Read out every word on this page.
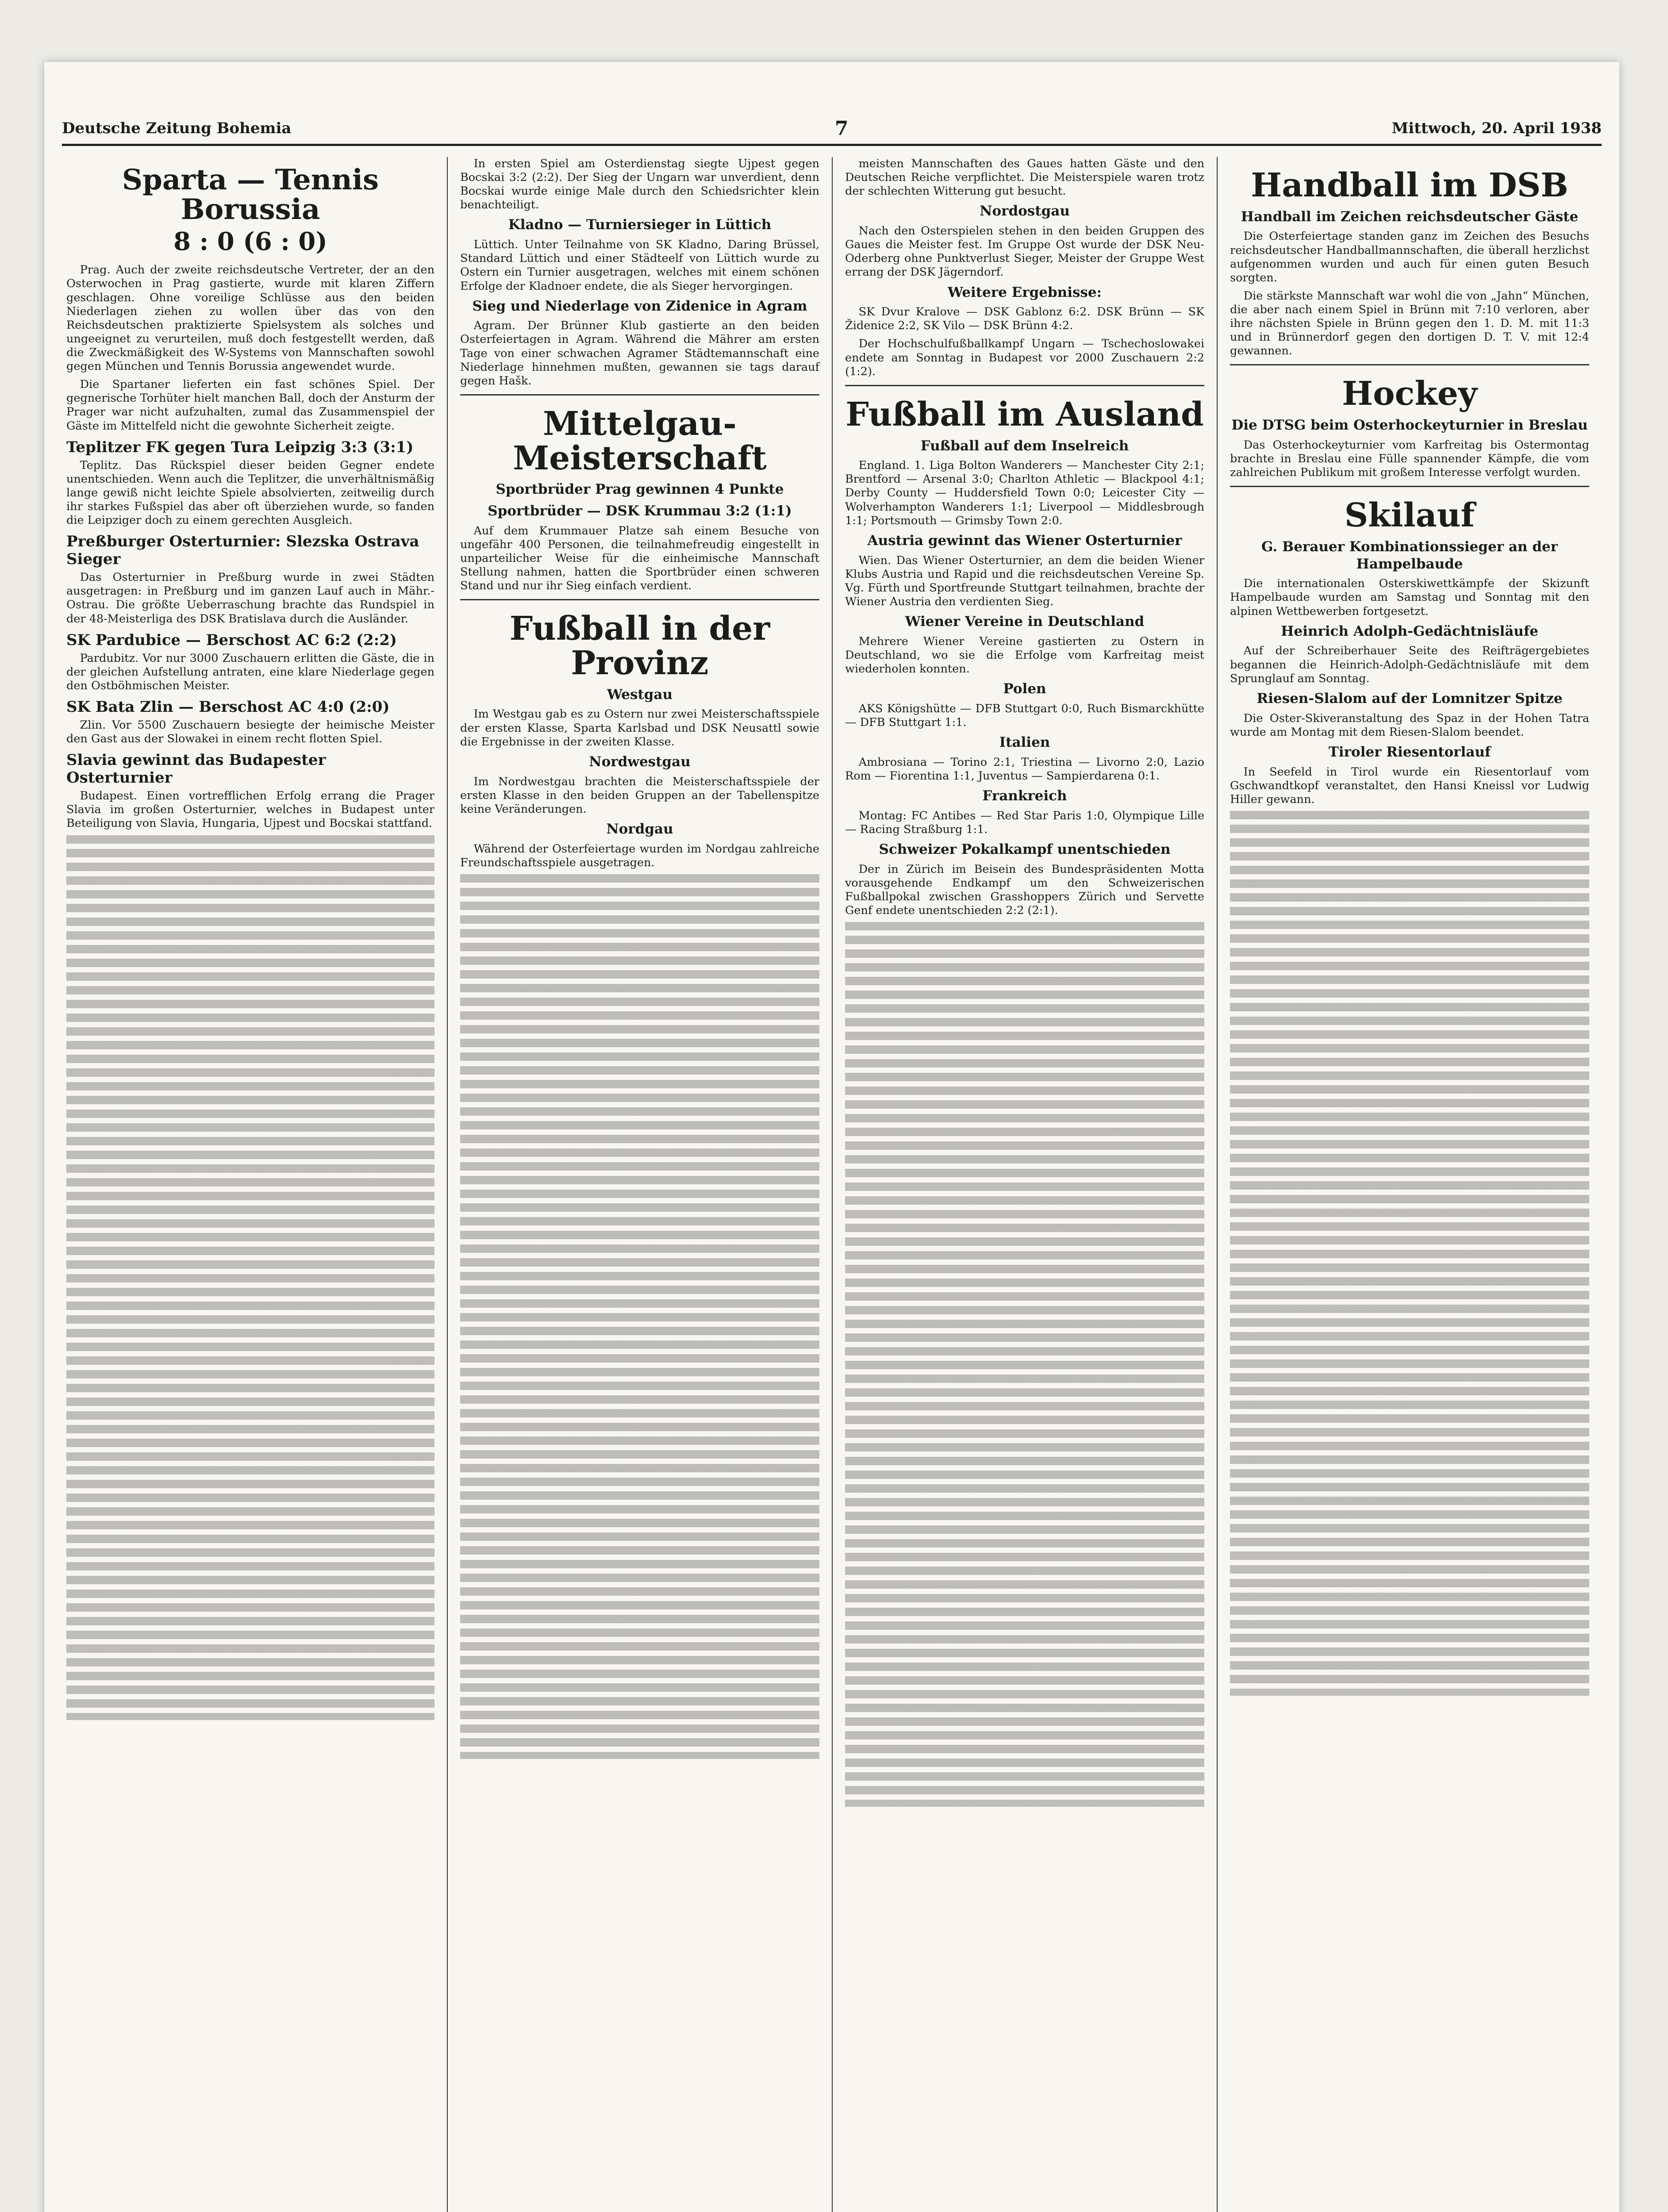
Deutsche Zeitung Bohemia	7	Mittwoch, 20. April 1938
Sparta — Tennis Borussia
8 : 0 (6 : 0)

Prag. Auch der zweite reichsdeutsche Vertreter, der an den Osterwochen in Prag gastierte, wurde mit klaren Ziffern geschlagen. Ohne voreilige Schlüsse aus den beiden Niederlagen ziehen zu wollen über das von den Reichsdeutschen praktizierte Spielsystem als solches und ungeeignet zu verurteilen, muß doch festgestellt werden, daß die Zweckmäßigkeit des W-Systems von Mannschaften sowohl gegen München und Tennis Borussia angewendet wurde.

Die Spartaner lieferten ein fast schönes Spiel. Der gegnerische Torhüter hielt manchen Ball, doch der Ansturm der Prager war nicht aufzuhalten, zumal das Zusammenspiel der Gäste im Mittelfeld nicht die gewohnte Sicherheit zeigte.

Teplitzer FK gegen Tura Leipzig 3:3 (3:1)

Teplitz. Das Rückspiel dieser beiden Gegner endete unentschieden. Wenn auch die Teplitzer, die unverhältnismäßig lange gewiß nicht leichte Spiele absolvierten, zeitweilig durch ihr starkes Fußspiel das aber oft überziehen wurde, so fanden die Leipziger doch zu einem gerechten Ausgleich.

Preßburger Osterturnier: Slezska Ostrava Sieger

Das Osterturnier in Preßburg wurde in zwei Städten ausgetragen: in Preßburg und im ganzen Lauf auch in Mähr.-Ostrau. Die größte Ueberraschung brachte das Rundspiel in der 48-Meisterliga des DSK Bratislava durch die Ausländer.

SK Pardubice — Berschost AC 6:2 (2:2)

Pardubitz. Vor nur 3000 Zuschauern erlitten die Gäste, die in der gleichen Aufstellung antraten, eine klare Niederlage gegen den Ostböhmischen Meister.

SK Bata Zlin — Berschost AC 4:0 (2:0)

Zlin. Vor 5500 Zuschauern besiegte der heimische Meister den Gast aus der Slowakei in einem recht flotten Spiel.

Slavia gewinnt das Budapester Osterturnier

Budapest. Einen vortrefflichen Erfolg errang die Prager Slavia im großen Osterturnier, welches in Budapest unter Beteiligung von Slavia, Hungaria, Ujpest und Bocskai stattfand.

In ersten Spiel am Osterdienstag siegte Ujpest gegen Bocskai 3:2 (2:2). Der Sieg der Ungarn war unverdient, denn Bocskai wurde einige Male durch den Schiedsrichter klein benachteiligt.

Kladno — Turniersieger in Lüttich

Lüttich. Unter Teilnahme von SK Kladno, Daring Brüssel, Standard Lüttich und einer Städteelf von Lüttich wurde zu Ostern ein Turnier ausgetragen, welches mit einem schönen Erfolge der Kladnoer endete, die als Sieger hervorgingen.

Sieg und Niederlage von Zidenice in Agram

Agram. Der Brünner Klub gastierte an den beiden Osterfeiertagen in Agram. Während die Mährer am ersten Tage von einer schwachen Agramer Städtemannschaft eine Niederlage hinnehmen mußten, gewannen sie tags darauf gegen Hašk.

Mittelgau-Meisterschaft
Sportbrüder Prag gewinnen 4 Punkte
Sportbrüder — DSK Krummau 3:2 (1:1)

Auf dem Krummauer Platze sah einem Besuche von ungefähr 400 Personen, die teilnahmefreudig eingestellt in unparteilicher Weise für die einheimische Mannschaft Stellung nahmen, hatten die Sportbrüder einen schweren Stand und nur ihr Sieg einfach verdient.

Fußball in der Provinz
Westgau

Im Westgau gab es zu Ostern nur zwei Meisterschaftsspiele der ersten Klasse, Sparta Karlsbad und DSK Neusattl sowie die Ergebnisse in der zweiten Klasse.

Nordwestgau

Im Nordwestgau brachten die Meisterschaftsspiele der ersten Klasse in den beiden Gruppen an der Tabellenspitze keine Veränderungen.

Nordgau

Während der Osterfeiertage wurden im Nordgau zahlreiche Freundschaftsspiele ausgetragen.

meisten Mannschaften des Gaues hatten Gäste und den Deutschen Reiche verpflichtet. Die Meisterspiele waren trotz der schlechten Witterung gut besucht.

Nordostgau

Nach den Osterspielen stehen in den beiden Gruppen des Gaues die Meister fest. Im Gruppe Ost wurde der DSK Neu-Oderberg ohne Punktverlust Sieger, Meister der Gruppe West errang der DSK Jägerndorf.

Weitere Ergebnisse:

SK Dvur Kralove — DSK Gablonz 6:2. DSK Brünn — SK Židenice 2:2, SK Vilo — DSK Brünn 4:2.

Der Hochschulfußballkampf Ungarn — Tschechoslowakei endete am Sonntag in Budapest vor 2000 Zuschauern 2:2 (1:2).

Fußball im Ausland
Fußball auf dem Inselreich

England. 1. Liga Bolton Wanderers — Manchester City 2:1; Brentford — Arsenal 3:0; Charlton Athletic — Blackpool 4:1; Derby County — Huddersfield Town 0:0; Leicester City — Wolverhampton Wanderers 1:1; Liverpool — Middlesbrough 1:1; Portsmouth — Grimsby Town 2:0.

Austria gewinnt das Wiener Osterturnier

Wien. Das Wiener Osterturnier, an dem die beiden Wiener Klubs Austria und Rapid und die reichsdeutschen Vereine Sp. Vg. Fürth und Sportfreunde Stuttgart teilnahmen, brachte der Wiener Austria den verdienten Sieg.

Wiener Vereine in Deutschland

Mehrere Wiener Vereine gastierten zu Ostern in Deutschland, wo sie die Erfolge vom Karfreitag meist wiederholen konnten.

Polen

AKS Königshütte — DFB Stuttgart 0:0, Ruch Bismarckhütte — DFB Stuttgart 1:1.

Italien

Ambrosiana — Torino 2:1, Triestina — Livorno 2:0, Lazio Rom — Fiorentina 1:1, Juventus — Sampierdarena 0:1.

Frankreich

Montag: FC Antibes — Red Star Paris 1:0, Olympique Lille — Racing Straßburg 1:1.

Schweizer Pokalkampf unentschieden

Der in Zürich im Beisein des Bundespräsidenten Motta vorausgehende Endkampf um den Schweizerischen Fußballpokal zwischen Grasshoppers Zürich und Servette Genf endete unentschieden 2:2 (2:1).

Handball im DSB
Handball im Zeichen reichsdeutscher Gäste

Die Osterfeiertage standen ganz im Zeichen des Besuchs reichsdeutscher Handballmannschaften, die überall herzlichst aufgenommen wurden und auch für einen guten Besuch sorgten.

Die stärkste Mannschaft war wohl die von „Jahn“ München, die aber nach einem Spiel in Brünn mit 7:10 verloren, aber ihre nächsten Spiele in Brünn gegen den 1. D. M. mit 11:3 und in Brünnerdorf gegen den dortigen D. T. V. mit 12:4 gewannen.

Hockey
Die DTSG beim Osterhockeyturnier in Breslau

Das Osterhockeyturnier vom Karfreitag bis Ostermontag brachte in Breslau eine Fülle spannender Kämpfe, die vom zahlreichen Publikum mit großem Interesse verfolgt wurden.

Skilauf
G. Berauer Kombinationssieger an der Hampelbaude

Die internationalen Osterskiwettkämpfe der Skizunft Hampelbaude wurden am Samstag und Sonntag mit den alpinen Wettbewerben fortgesetzt.

Heinrich Adolph-Gedächtnisläufe

Auf der Schreiberhauer Seite des Reifträgergebietes begannen die Heinrich-Adolph-Gedächtnisläufe mit dem Sprunglauf am Sonntag.

Riesen-Slalom auf der Lomnitzer Spitze

Die Oster-Skiveranstaltung des Spaz in der Hohen Tatra wurde am Montag mit dem Riesen-Slalom beendet.

Tiroler Riesentorlauf

In Seefeld in Tirol wurde ein Riesentorlauf vom Gschwandtkopf veranstaltet, den Hansi Kneissl vor Ludwig Hiller gewann.
